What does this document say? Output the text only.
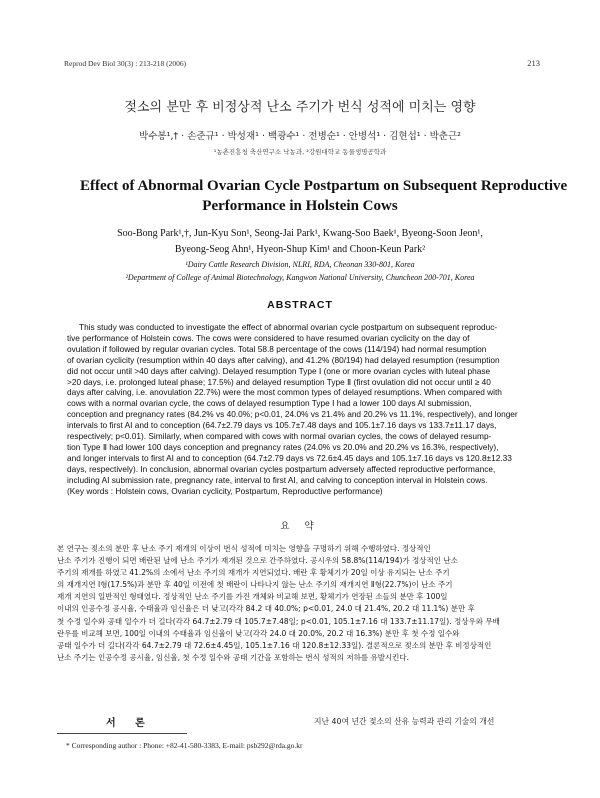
Reprod Dev Biol 30(3) : 213-218 (2006)	213
젖소의 분만 후 비정상적 난소 주기가 번식 성적에 미치는 영향
박수봉¹,† · 손준규¹ · 박성재¹ · 백광수¹ · 전병순¹ · 안병석¹ · 김현섭¹ · 박춘근²
¹농촌진흥청 축산연구소 낙농과, ²강원대학교 동물생명공학과
Effect of Abnormal Ovarian Cycle Postpartum on Subsequent Reproductive
Performance in Holstein Cows
Soo-Bong Park¹,†, Jun-Kyu Son¹, Seong-Jai Park¹, Kwang-Soo Baek¹, Byeong-Soon Jeon¹,
Byeong-Seog Ahn¹, Hyeon-Shup Kim¹ and Choon-Keun Park²
¹Dairy Cattle Research Division, NLRI, RDA, Cheonan 330-801, Korea
²Department of College of Animal Biotechnology, Kangwon National University, Chuncheon 200-701, Korea
ABSTRACT
This study was conducted to investigate the effect of abnormal ovarian cycle postpartum on subsequent reproduc-
tive performance of Holstein cows. The cows were considered to have resumed ovarian cyclicity on the day of
ovulation if followed by regular ovarian cycles. Total 58.8 percentage of the cows (114/194) had normal resumption
of ovarian cyclicity (resumption within 40 days after calving), and 41.2% (80/194) had delayed resumption (resumption
did not occur until >40 days after calving). Delayed resumption Type Ⅰ (one or more ovarian cycles with luteal phase
>20 days, i.e. prolonged luteal phase; 17.5%) and delayed resumption Type Ⅱ (first ovulation did not occur until ≥ 40
days after calving, i.e. anovulation 22.7%) were the most common types of delayed resumptions. When compared with
cows with a normal ovarian cycle, the cows of delayed resumption Type Ⅰ had a lower 100 days AI submission,
conception and pregnancy rates (84.2% vs 40.0%; p<0.01, 24.0% vs 21.4% and 20.2% vs 11.1%, respectively), and longer
intervals to first AI and to conception (64.7±2.79 days vs 105.7±7.48 days and 105.1±7.16 days vs 133.7±11.17 days,
respectively; p<0.01). Similarly, when compared with cows with normal ovarian cycles, the cows of delayed resump-
tion Type Ⅱ had lower 100 days conception and pregnancy rates (24.0% vs 20.0% and 20.2% vs 16.3%, respectively),
and longer intervals to first AI and to conception (64.7±2.79 days vs 72.6±4.45 days and 105.1±7.16 days vs 120.8±12.33
days, respectively). In conclusion, abnormal ovarian cycles postpartum adversely affected reproductive performance,
including AI submission rate, pregnancy rate, interval to first AI, and calving to conception interval in Holstein cows.
(Key words : Holstein cows, Ovarian cyclicity, Postpartum, Reproductive performance)
요 약
본 연구는 젖소의 분만 후 난소 주기 재개의 이상이 번식 성적에 미치는 영향을 구명하기 위해 수행하였다. 정상적인
난소 주기가 진행이 되면 배란된 날에 난소 주기가 재개된 것으로 간주하였다. 공시우의 58.8%(114/194)가 정상적인 난소
주기의 재개를 하였고 41.2%의 소에서 난소 주기의 재개가 지연되었다. 배란 후 황체기가 20일 이상 유지되는 난소 주기
의 재개지연 Ⅰ형(17.5%)과 분만 후 40일 이전에 첫 배란이 나타나지 않는 난소 주기의 재개지연 Ⅱ형(22.7%)이 난소 주기
재개 지연의 일반적인 형태였다. 정상적인 난소 주기를 가진 개체와 비교해 보면, 황체기가 연장된 소들의 분만 후 100일
이내의 인공수정 공시율, 수태율과 임신율은 더 낮고(각각 84.2 대 40.0%; p<0.01, 24.0 대 21.4%, 20.2 대 11.1%) 분만 후
첫 수정 일수와 공태 일수가 더 길다(각각 64.7±2.79 대 105.7±7.48일; p<0.01, 105.1±7.16 대 133.7±11.17일). 정상우와 무배
란우를 비교해 보면, 100일 이내의 수태율과 임신율이 낮고(각각 24.0 대 20.0%, 20.2 대 16.3%) 분만 후 첫 수정 일수와
공태 일수가 더 길다(각각 64.7±2.79 대 72.6±4.45일, 105.1±7.16 대 120.8±12.33일). 결론적으로 젖소의 분만 후 비정상적인
난소 주기는 인공수정 공시율, 임신율, 첫 수정 일수와 공태 기간을 포함하는 번식 성적의 저하를 유발시킨다.
서 론	지난 40여 년간 젖소의 산유 능력과 관리 기술의 개선
* Corresponding author : Phone: +82-41-580-3383, E-mail: psb292@rda.go.kr
